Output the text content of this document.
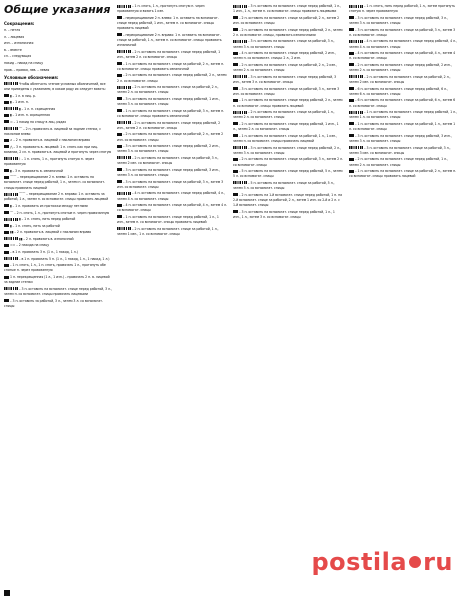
Общие указания
Сокращения:

п. – петля

л. – лицевая

изн. – изнаночная

в. – вместе

сл. – следующая

накид – накид на спицу

прав. – правая, лев. – левая

Условные обозначения:

Чтобы облегчить чтение условных обозначений, все они приведены с указанием, в каком ряду их следует вязать:

▮ – 1 л. в лиц. р.

▮ – 1 изн. п.

▮ – 1 л. п. скрещенная

▮ – 1 изн. п. скрещенная

⊃ – 1 накид на спицу в лиц. рядах

⌒ – 2 п. провязать в. лицевой за задние стенки, с наклоном влево

∧ – 2 п. провязать в. лицевой с наклоном вправо

⋀ – 3 п. провязать в. лицевой: 1 п. снять как при лиц. вязании, 2 сл. п. провязать в. лицевой и протянуть через снятую

⌇ – 1 п. снять, 1 л., протянуть снятую п. через провязанную

▮ – 3 п. провязать в. изнаночной

⌒⌒ – перекрещивание 2 п. влево: 1 п. оставить на вспомогат. спице перед работой, 1 л., затем п. со вспомогат. спицы провязать лицевой

⌒⌒ – перекрещивание 2 п. вправо: 1 п. оставить за работой, 1 л., затем п. со вспомогат. спицы провязать лицевой

▮ – 1 л. провязать из протяжки между петлями

⌒ – 2 п. снять, 1 л., протянуть снятые п. через провязанную

▮ – 1 п. снять, нить перед работой

▮ – 1 п. снять, нить за работой

▮▮ – 2 л. провязать в. лицевой с наклоном вправо

▮▮ – 2 л. провязать в. изнаночной

⊃⊃ – 2 накида на спицу

– в 1 п. провязать 3 п. (1 л., 1 накид, 1 л.)

– в 1 п. провязать 5 п. (1 л., 1 накид, 1 л., 1 накид, 1 л.)

– 1 п. снять, 1 л., 1 п. снять, провязать 1 л., протянуть обе снятые п. через провязанную

1 п. перекрещенная (1 л., 1 изн.) – провязать 2 п. в. лицевой за задние стенки

– 3 п. оставить на вспомогат. спице перед работой, 3 л., затем п. со вспомогат. спицы провязать лицевыми

– 3 п. оставить за работой, 3 л., затем 3 л. со вспомогат. спицы

– 1 п. снять, 1 л., протянуть снятую п. через провязанную и вязать 1 изн.

– перекрещивание 2 п. влево: 1 п. оставить на вспомогат. спице перед работой, 1 изн., затем п. со вспомогат. спицы провязать лицевой

– перекрещивание 2 п. вправо: 1 п. оставить на вспомогат. спице за работой, 1 л., затем п. со вспомогат. спицы провязать изнаночной

– 2 п. оставить на вспомогат. спице перед работой, 1 изн., затем 2 л. со вспомогат. спицы

– 1 п. оставить на вспомогат. спице за работой, 2 л., затем п. со вспомогат. спицы провязать изнаночной

– 2 п. оставить на вспомогат. спице перед работой, 2 л., затем 2 л. со вспомогат. спицы

– 2 п. оставить на вспомогат. спице за работой, 2 л., затем 2 л. со вспомогат. спицы

– 3 п. оставить на вспомогат. спице перед работой, 1 изн., затем 3 л. со вспомогат. спицы

– 1 п. оставить на вспомогат. спице за работой, 3 л., затем п. со вспомогат. спицы провязать изнаночной

– 2 п. оставить на вспомогат. спице перед работой, 2 изн., затем 2 л. со вспомогат. спицы

– 2 п. оставить на вспомогат. спице за работой, 2 л., затем 2 изн. со вспомогат. спицы

– 3 п. оставить на вспомогат. спице перед работой, 2 изн., затем 3 л. со вспомогат. спицы

– 2 п. оставить на вспомогат. спице за работой, 3 л., затем 2 изн. со вспомогат. спицы

– 3 п. оставить на вспомогат. спице перед работой, 3 изн., затем 3 л. со вспомогат. спицы

– 3 п. оставить на вспомогат. спице за работой, 3 л., затем 3 изн. со вспомогат. спицы

– 4 п. оставить на вспомогат. спице перед работой, 4 л., затем 4 л. со вспомогат. спицы

– 4 п. оставить на вспомогат. спице за работой, 4 л., затем 4 л. со вспомогат. спицы

– 1 п. оставить на вспомогат. спице перед работой, 1 л., 1 изн., затем п. со вспомогат. спицы провязать лицевой

– 2 п. оставить на вспомогат. спице за работой, 1 л., затем 1 изн., 1 л. со вспомогат. спицы

– 3 п. оставить на вспомогат. спице перед работой, 1 л., 1 изн., 1 л., затем п. со вспомогат. спицы провязать лицевыми

– 2 п. оставить на вспомогат. спице за работой, 2 л., затем 2 изн. со вспомогат. спицы

– 2 п. оставить на вспомогат. спице перед работой, 2 л., затем 2 л. со вспомогат. спицы, провязать изнаночными

– 3 п. оставить на вспомогат. спице за работой, 3 л., затем 3 л. со вспомогат. спицы

– 4 п. оставить на вспомогат. спице перед работой, 2 изн., затем п. со вспомогат. спицы: 2 л., 2 изн.

– 2 п. оставить на вспомогат. спице за работой, 2 л., 2 изн., затем 2 л. со вспомогат. спицы

– 3 п. оставить на вспомогат. спице перед работой, 3 изн., затем 3 л. со вспомогат. спицы

– 3 п. оставить на вспомогат. спице за работой, 3 л., затем 3 изн. со вспомогат. спицы

– 1 п. оставить на вспомогат. спице перед работой, 2 л., затем п. со вспомогат. спицы провязать лицевой

– 2 п. оставить на вспомогат. спице за работой, 1 л., затем 2 л. со вспомогат. спицы

– 2 п. оставить на вспомогат. спице перед работой, 1 изн., 1 л., затем 2 л. со вспомогат. спицы

– 1 п. оставить на вспомогат. спице за работой, 1 л., 1 изн., затем п. со вспомогат. спицы провязать лицевой

– 3 п. оставить на вспомогат. спице перед работой, 2 л., затем 3 л. со вспомогат. спицы

– 2 п. оставить на вспомогат. спице за работой, 3 л., затем 2 л. со вспомогат. спицы

– 5 п. оставить на вспомогат. спице перед работой, 5 л., затем 5 л. со вспомогат. спицы

– 5 п. оставить на вспомогат. спице за работой, 5 л., затем 5 л. со вспомогат. спицы

– 2 п. оставить на 1-й вспомогат. спице перед работой, 1 п. на 2-й вспомогат. спице за работой, 2 л., затем 1 изн. со 2-й и 2 л. с 1-й вспомогат. спицы

– 3 п. оставить на вспомогат. спице перед работой, 1 л., 1 изн., 1 л., затем 3 л. со вспомогат. спицы

– 1 п. снять, нить перед работой, 1 л., затем протянуть снятую п. через провязанную

– 3 п. оставить на вспомогат. спице перед работой, 3 л., затем 3 л. со вспомогат. спицы

– 3 п. оставить на вспомогат. спице за работой, 3 л., затем 3 л. со вспомогат. спицы

– 4 п. оставить на вспомогат. спице перед работой, 4 л., затем 4 л. со вспомогат. спицы

– 4 п. оставить на вспомогат. спице за работой, 4 л., затем 4 л. со вспомогат. спицы

– 2 п. оставить на вспомогат. спице перед работой, 2 изн., затем 2 л. со вспомогат. спицы

– 2 п. оставить на вспомогат. спице за работой, 2 л., затем 2 изн. со вспомогат. спицы

– 6 п. оставить на вспомогат. спице перед работой, 6 л., затем 6 л. со вспомогат. спицы

– 6 п. оставить на вспомогат. спице за работой, 6 л., затем 6 л. со вспомогат. спицы

– 1 п. оставить на вспомогат. спице перед работой, 1 л., затем 1 л. со вспомогат. спицы

– 1 п. оставить на вспомогат. спице за работой, 1 л., затем 1 л. со вспомогат. спицы

– 3 п. оставить на вспомогат. спице перед работой, 3 изн., затем 3 л. со вспомогат. спицы

– 3 п. оставить на вспомогат. спице за работой, 3 л., затем 3 изн. со вспомогат. спицы

– 2 п. оставить на вспомогат. спице перед работой, 1 л., затем 2 л. со вспомогат. спицы

– 1 п. оставить на вспомогат. спице за работой, 2 л., затем п. со вспомогат. спицы провязать лицевой

postila ru
